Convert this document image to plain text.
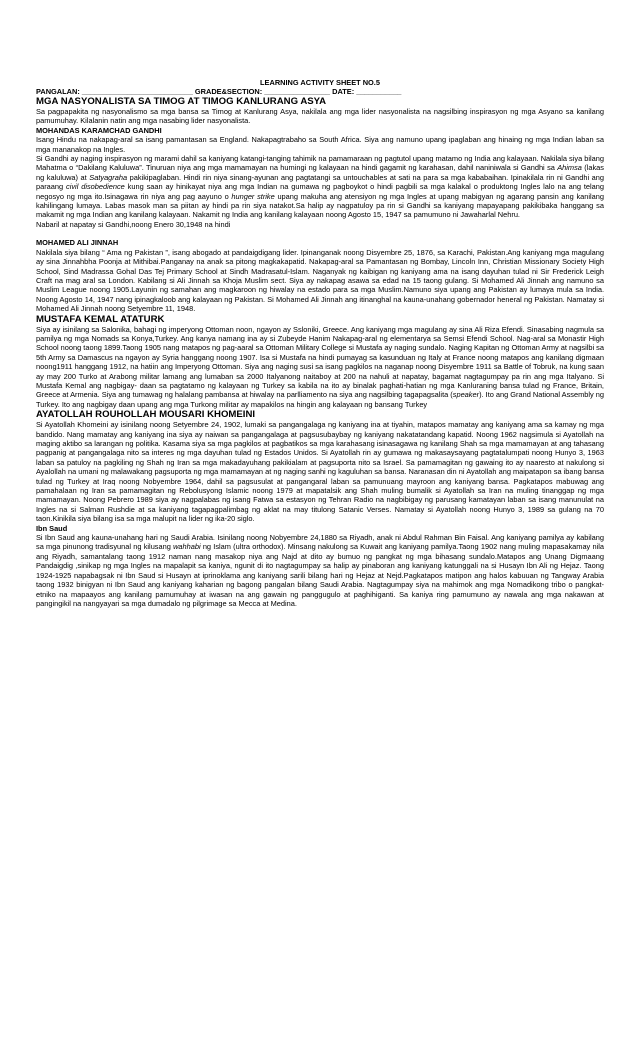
LEARNING ACTIVITY SHEET NO.5
PANGALAN: ___________________________ GRADE&SECTION: ________________ DATE: ___________
MGA NASYONALISTA SA TIMOG AT TIMOG KANLURANG ASYA
Sa pagpapakita ng nasyonalismo sa mga bansa sa Timog at Kanlurang Asya, nakilala ang mga lider nasyonalista na nagsilbing inspirasyon ng mga Asyano sa kanilang pamumuhay. Kilalanin natin ang mga nasabing lider nasyonalista.
MOHANDAS KARAMCHAD GANDHI
Isang Hindu na nakapag-aral sa isang pamantasan sa England. Nakapagtrabaho sa South Africa. Siya ang namuno upang ipaglaban ang hinaing ng mga Indian laban sa mga mananakop na Ingles.
Si Gandhi ay naging inspirasyon ng marami dahil sa kaniyang katangi-tanging tahimik na pamamaraan ng pagtutol upang matamo ng India ang kalayaan. Nakilala siya bilang Mahatma o “Dakilang Kaluluwa”. Tinuruan niya ang mga mamamayan na humingi ng kalayaan na hindi gagamit ng karahasan, dahil naniniwala si Gandhi sa Ahimsa (lakas ng kaluluwa) at Satyagraha pakikipaglaban. Hindi rin niya sinang-ayunan ang pagtatangi sa untouchables at sati na para sa mga kababaihan. Ipinakilala rin ni Gandhi ang paraang civil disobedience kung saan ay hinikayat niya ang mga Indian na gumawa ng pagboykot o hindi pagbili sa mga kalakal o produktong Ingles lalo na ang telang negosyo ng mga ito.Isinagawa rin niya ang pag aayuno o hunger strike upang makuha ang atensiyon ng mga Ingles at upang mabigyan ng agarang pansin ang kanilang kahilingang lumaya. Labas masok man sa piitan ay hindi pa rin siya natakot.Sa halip ay nagpatuloy pa rin si Gandhi sa kaniyang mapayapang pakikibaka hanggang sa makamit ng mga Indian ang kanilang kalayaan. Nakamit ng India ang kanilang kalayaan noong Agosto 15, 1947 sa pamumuno ni Jawaharlal Nehru.
Nabaril at napatay si Gandhi,noong Enero 30,1948 na hindi
MOHAMED ALI JINNAH
Nakilala siya bilang “ Ama ng Pakistan ”, isang abogado at pandaigdigang lider. Ipinanganak noong Disyembre 25, 1876, sa Karachi, Pakistan.Ang kaniyang mga magulang ay sina Jinnahbha Poonja at Mithibai.Panganay na anak sa pitong magkakapatid. Nakapag-aral sa Pamantasan ng Bombay, Lincoln Inn, Christian Missionary Society High School, Sind Madrassa Gohal Das Tej Primary School at Sindh Madrasatul-Islam. Naganyak ng kaibigan ng kaniyang ama na isang dayuhan tulad ni Sir Frederick Leigh Craft na mag aral sa London. Kabilang si Ali Jinnah sa Khoja Muslim sect. Siya ay nakapag asawa sa edad na 15 taong gulang. Si Mohamed Ali Jinnah ang namuno sa Muslim League noong 1905.Layunin ng samahan ang magkaroon ng hiwalay na estado para sa mga Muslim.Namuno siya upang ang Pakistan ay lumaya mula sa India. Noong Agosto 14, 1947 nang ipinagkaloob ang kalayaan ng Pakistan. Si Mohamed Ali Jinnah ang itinanghal na kauna-unahang gobernador heneral ng Pakistan. Namatay si Mohamed Ali Jinnah noong Setyembre 11, 1948.
MUSTAFA KEMAL ATATURK
Siya ay isinilang sa Salonika, bahagi ng imperyong Ottoman noon, ngayon ay Ssloniki, Greece. Ang kaniyang mga magulang ay sina Ali Riza Efendi. Sinasabing nagmula sa pamilya ng mga Nomads sa Konya,Turkey. Ang kanya namang ina ay si Zubeyde Hanim Nakapag-aral ng elementarya sa Semsi Efendi School. Nag-aral sa Monastir High School noong taong 1899.Taong 1905 nang matapos ng pag-aaral sa Ottoman Military College si Mustafa ay naging sundalo. Naging Kapitan ng Ottoman Army at nagsilbi sa 5th Army sa Damascus na ngayon ay Syria hanggang noong 1907. Isa si Mustafa na hindi pumayag sa kasunduan ng Italy at France noong matapos ang kanilang digmaan noong1911 hanggang 1912, na hatiin ang Imperyong Ottoman. Siya ang naging susi sa isang pagkilos na naganap noong Disyembre 1911 sa Battle of Tobruk, na kung saan ay may 200 Turko at Arabong militar lamang ang lumaban sa 2000 Italyanong naitaboy at 200 na nahuli at napatay, bagamat nagtagumpay pa rin ang mga Italyano. Si Mustafa Kemal ang nagbigay- daan sa pagtatamo ng kalayaan ng Turkey sa kabila na ito ay binalak paghati-hatian ng mga Kanluraning bansa tulad ng France, Britain, Greece at Armenia. Siya ang tumawag ng halalang pambansa at hiwalay na parlliamento na siya ang nagsilbing tagapagsalita (speaker). Ito ang Grand National Assembly ng Turkey. Ito ang nagbigay daan upang ang mga Turkong militar ay mapakilos na hingin ang kalayaan ng bansang Turkey
AYATOLLAH ROUHOLLAH MOUSARI KHOMEINI
Si Ayatollah Khomeini ay isinilang noong Setyembre 24, 1902, lumaki sa pangangalaga ng kaniyang ina at tiyahin, matapos mamatay ang kaniyang ama sa kamay ng mga bandido. Nang mamatay ang kaniyang ina siya ay naiwan sa pangangalaga at pagsusubaybay ng kaniyang nakatatandang kapatid. Noong 1962 nagsimula si Ayatollah na maging aktibo sa larangan ng politika. Kasama siya sa mga pagkilos at pagbatikos sa mga karahasang isinasagawa ng kanilang Shah sa mga mamamayan at ang tahasang pagpanig at pangangalaga nito sa interes ng mga dayuhan tulad ng Estados Unidos. Si Ayatollah rin ay gumawa ng makasaysayang pagtatalumpati noong Hunyo 3, 1963 laban sa patuloy na pagkiling ng Shah ng Iran sa mga makadayuhang pakikialam at pagsuporta nito sa Israel. Sa pamamagitan ng gawaing ito ay naaresto at nakulong si Ayalollah na umani ng malawakang pagsuporta ng mga mamamayan at ng naging sanhi ng kaguluhan sa bansa. Naranasan din ni Ayatollah ang maipatapon sa ibang bansa tulad ng Turkey at Iraq noong Nobyembre 1964, dahil sa pagsusulat at pangangaral laban sa pamunuang mayroon ang kaniyang bansa. Pagkatapos mabuwag ang pamahalaan ng Iran sa pamamagitan ng Rebolusyong Islamic noong 1979 at mapatalsik ang Shah muling bumalik si Ayatollah sa Iran na muling tinanggap ng mga mamamayan. Noong Pebrero 1989 siya ay nagpalabas ng isang Fatwa sa estasyon ng Tehran Radio na nagbibigay ng parusang kamatayan laban sa isang manunulat na Ingles na si Salman Rushdie at sa kaniyang tagapagpalimbag ng aklat na may titulong Satanic Verses. Namatay si Ayatollah noong Hunyo 3, 1989 sa gulang na 70 taon.Kinikila siya bilang isa sa mga malupit na lider ng ika-20 siglo.
Ibn Saud
Si Ibn Saud ang kauna-unahang hari ng Saudi Arabia. Isinilang noong Nobyembre 24,1880 sa Riyadh, anak ni Abdul Rahman Bin Faisal. Ang kaniyang pamilya ay kabilang sa mga pinunong tradisyunal ng kilusang wahhabi ng Islam (ultra orthodox). Minsang nakulong sa Kuwait ang kaniyang pamilya.Taong 1902 nang muling mapasakamay nila ang Riyadh, samantalang taong 1912 naman nang masakop niya ang Najd at dito ay bumuo ng pangkat ng mga bihasang sundalo.Matapos ang Unang Digmaang Pandaigdig ,sinikap ng mga Ingles na mapalapit sa kaniya, ngunit di ito nagtagumpay sa halip ay pinaboran ang kaniyang katunggali na si Husayn Ibn Ali ng Hejaz. Taong 1924-1925 napabagsak ni Ibn Saud si Husayn at iprinoklama ang kaniyang sarili bilang hari ng Hejaz at Nejd.Pagkatapos matipon ang halos kabuuan ng Tangway Arabia taong 1932 binigyan ni Ibn Saud ang kaniyang kaharian ng bagong pangalan bilang Saudi Arabia. Nagtagumpay siya na mahimok ang mga Nomadikong tribo o pangkat- etniko na mapaayos ang kanilang pamumuhay at iwasan na ang gawain ng panggugulo at paghihiganti. Sa kaniya ring pamumuno ay nawala ang mga nakawan at pangingikil na nangyayari sa mga dumadalo ng pilgrimage sa Mecca at Medina.
